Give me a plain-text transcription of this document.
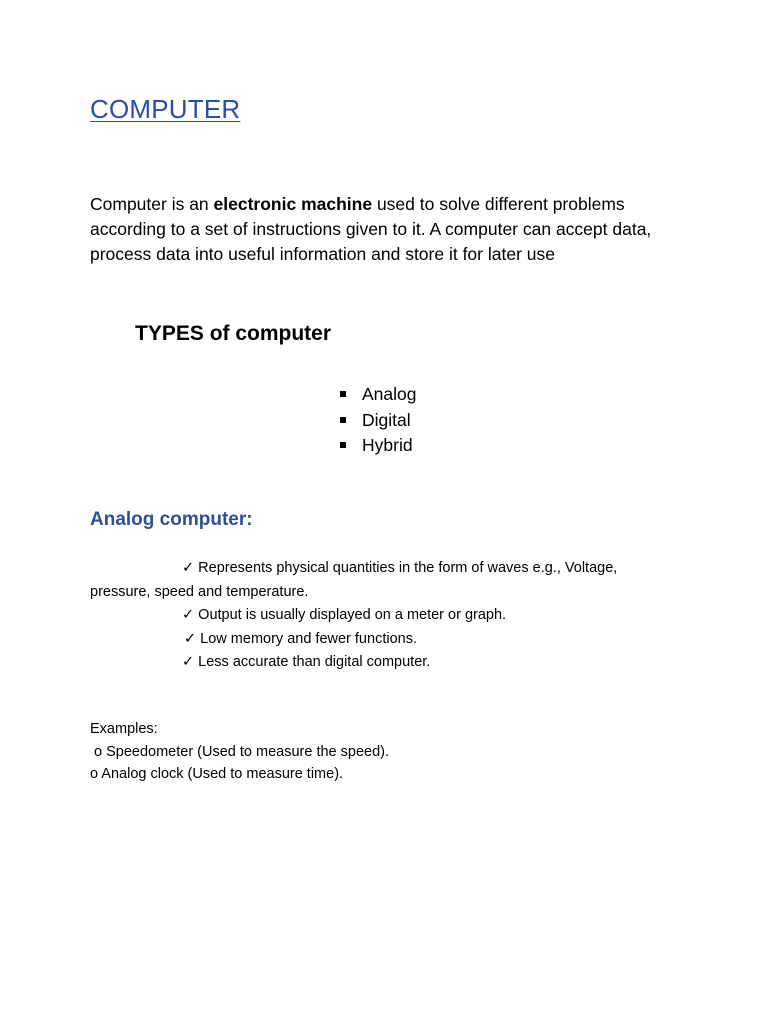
COMPUTER

Computer is an electronic machine used to solve different problems according to a set of instructions given to it. A computer can accept data, process data into useful information and store it for later use

TYPES of computer
Analog
Digital
Hybrid
Analog computer:
✓ Represents physical quantities in the form of waves e.g., Voltage,
pressure, speed and temperature.
✓ Output is usually displayed on a meter or graph.
✓ Low memory and fewer functions.
✓ Less accurate than digital computer.
Examples:
o Speedometer (Used to measure the speed).
o Analog clock (Used to measure time).
